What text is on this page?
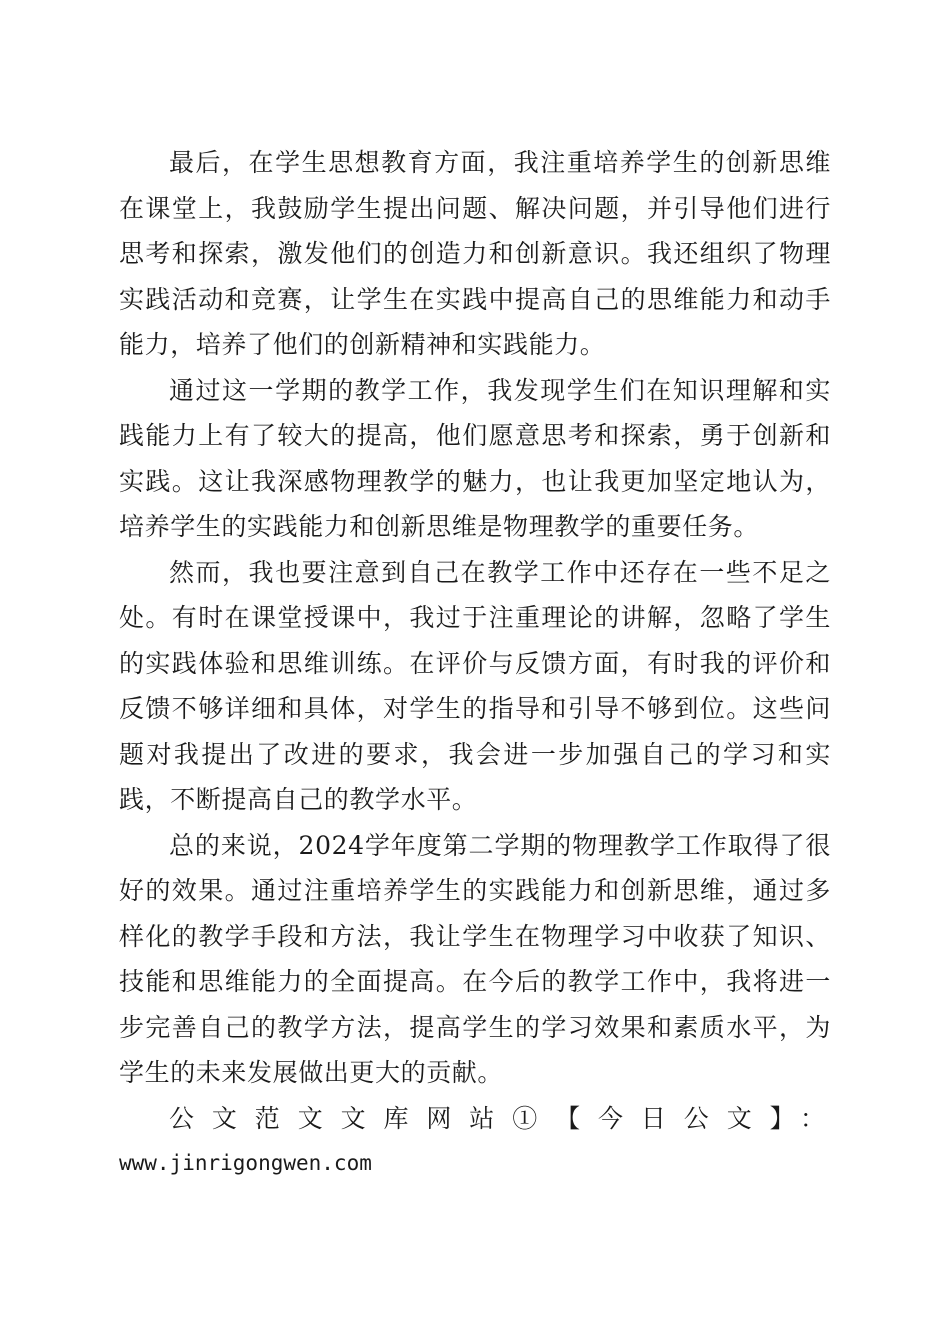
最后，在学生思想教育方面，我注重培养学生的创新思维在课堂上，我鼓励学生提出问题、解决问题，并引导他们进行思考和探索，激发他们的创造力和创新意识。我还组织了物理实践活动和竞赛，让学生在实践中提高自己的思维能力和动手能力，培养了他们的创新精神和实践能力。

通过这一学期的教学工作，我发现学生们在知识理解和实践能力上有了较大的提高，他们愿意思考和探索，勇于创新和实践。这让我深感物理教学的魅力，也让我更加坚定地认为，培养学生的实践能力和创新思维是物理教学的重要任务。

然而，我也要注意到自己在教学工作中还存在一些不足之处。有时在课堂授课中，我过于注重理论的讲解，忽略了学生的实践体验和思维训练。在评价与反馈方面，有时我的评价和反馈不够详细和具体，对学生的指导和引导不够到位。这些问题对我提出了改进的要求，我会进一步加强自己的学习和实践，不断提高自己的教学水平。

总的来说，2024学年度第二学期的物理教学工作取得了很好的效果。通过注重培养学生的实践能力和创新思维，通过多样化的教学手段和方法，我让学生在物理学习中收获了知识、技能和思维能力的全面提高。在今后的教学工作中，我将进一步完善自己的教学方法，提高学生的学习效果和素质水平，为学生的未来发展做出更大的贡献。

公文范文文库网站①【今日公文】：

www.jinrigongwen.com
